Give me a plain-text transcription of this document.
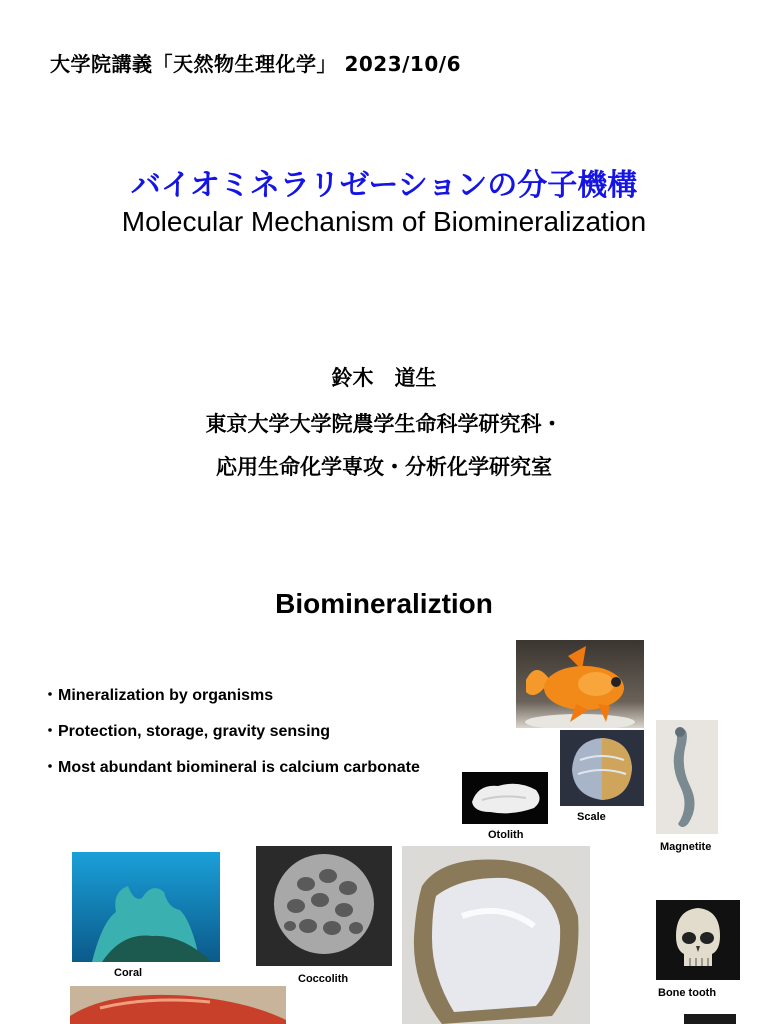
大学院講義「天然物生理化学」 2023/10/6
バイオミネラリゼーションの分子機構
Molecular Mechanism of Biomineralization
鈴木　道生
東京大学大学院農学生命科学研究科・
応用生命化学専攻・分析化学研究室
Biomineraliztion
・Mineralization by organisms
・Protection, storage, gravity sensing
・Most abundant biomineral is calcium carbonate
Scale
Magnetite
Otolith
Coral	Coccolith
Bone tooth
